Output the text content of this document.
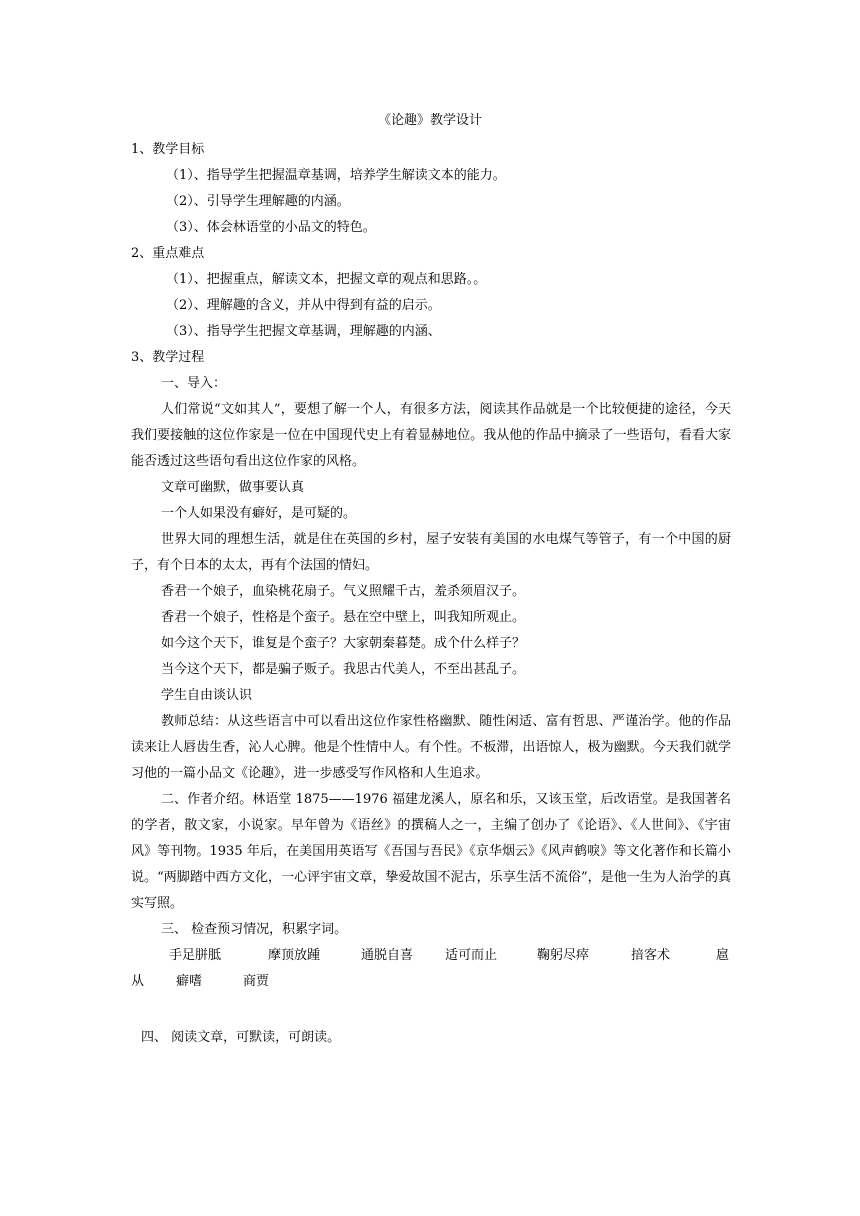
《论趣》教学设计
1、教学目标
（1）、指导学生把握温章基调，培养学生解读文本的能力。
（2）、引导学生理解趣的内涵。
（3）、体会林语堂的小品文的特色。
2、重点难点
（1）、把握重点，解读文本，把握文章的观点和思路。。
（2）、理解趣的含义，并从中得到有益的启示。
（3）、指导学生把握文章基调，理解趣的内涵、
3、教学过程
一、导入：
人们常说“文如其人”，要想了解一个人，有很多方法，阅读其作品就是一个比较便捷的途径，今天我们要接触的这位作家是一位在中国现代史上有着显赫地位。我从他的作品中摘录了一些语句，看看大家能否透过这些语句看出这位作家的风格。
文章可幽默，做事要认真
一个人如果没有癖好，是可疑的。
世界大同的理想生活，就是住在英国的乡村，屋子安装有美国的水电煤气等管子，有一个中国的厨子，有个日本的太太，再有个法国的情妇。
香君一个娘子，血染桃花扇子。气义照耀千古，羞杀须眉汉子。
香君一个娘子，性格是个蛮子。悬在空中壁上，叫我知所观止。
如今这个天下，谁复是个蛮子？大家朝秦暮楚。成个什么样子？
当今这个天下，都是骗子贩子。我思古代美人，不至出甚乱子。
学生自由谈认识
教师总结：从这些语言中可以看出这位作家性格幽默、随性闲适、富有哲思、严谨治学。他的作品读来让人唇齿生香，沁人心脾。他是个性情中人。有个性。不板滞，出语惊人，极为幽默。今天我们就学习他的一篇小品文《论趣》，进一步感受写作风格和人生追求。
二、作者介绍。林语堂 1875——1976 福建龙溪人，原名和乐，又该玉堂，后改语堂。是我国著名的学者，散文家，小说家。早年曾为《语丝》的撰稿人之一，主编了创办了《论语》、《人世间》、《宇宙风》等刊物。1935 年后，在美国用英语写《吾国与吾民》《京华烟云》《风声鹤唳》等文化著作和长篇小说。“两脚踏中西方文化，一心评宇宙文章，挚爱故国不泥古，乐享生活不流俗”，是他一生为人治学的真实写照。
三、 检查预习情况，积累字词。
手足胼胝	摩顶放踵	通脱自喜 适可而止	鞠躬尽瘁	揞客术	扈
从 癖嗜	商贾
四、 阅读文章，可默读，可朗读。
